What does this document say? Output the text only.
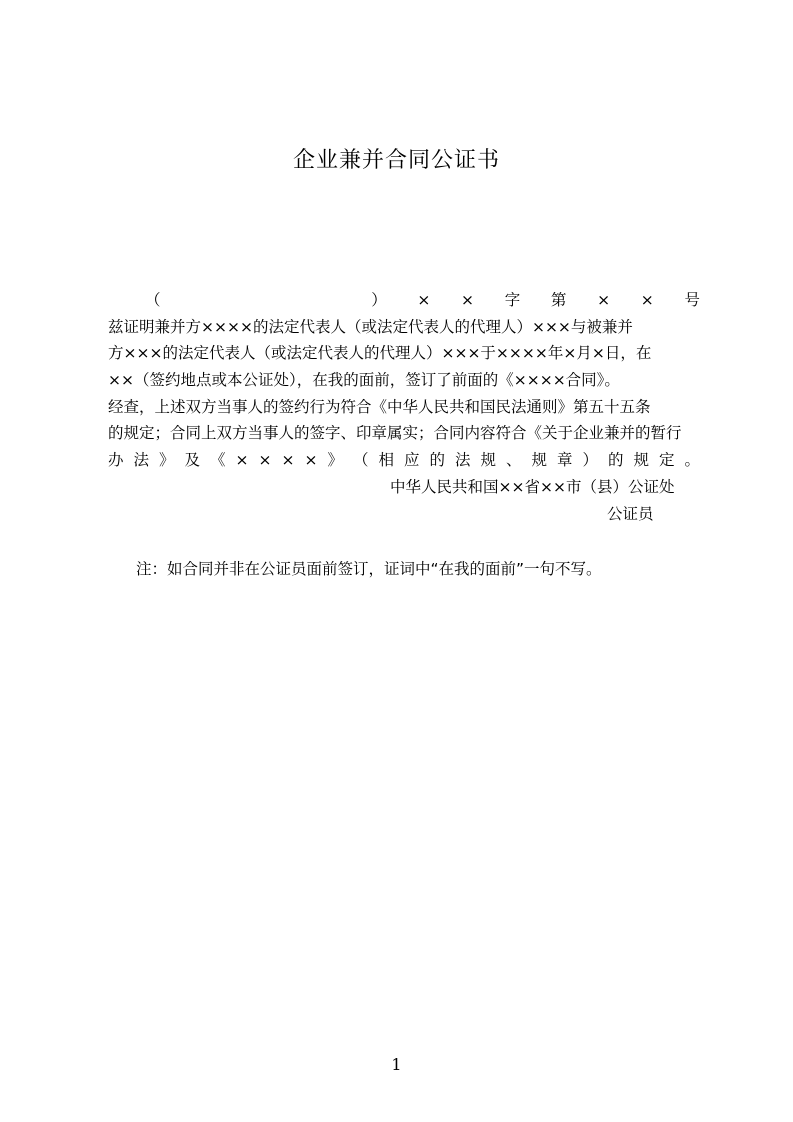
企业兼并合同公证书
（	） × × 字 第 × × 号
兹证明兼并方××××的法定代表人（或法定代表人的代理人）×××与被兼并
方×××的法定代表人（或法定代表人的代理人）×××于××××年×月×日，在
××（签约地点或本公证处），在我的面前，签订了前面的《××××合同》。
经查，上述双方当事人的签约行为符合《中华人民共和国民法通则》第五十五条
的规定；合同上双方当事人的签字、印章属实；合同内容符合《关于企业兼并的暂行
办 法 》 及 《 × × × × 》 （ 相 应 的 法 规 、 规 章 ） 的 规 定 。
中华人民共和国××省××市（县）公证处
公证员
注：如合同并非在公证员面前签订，证词中“在我的面前”一句不写。
1
